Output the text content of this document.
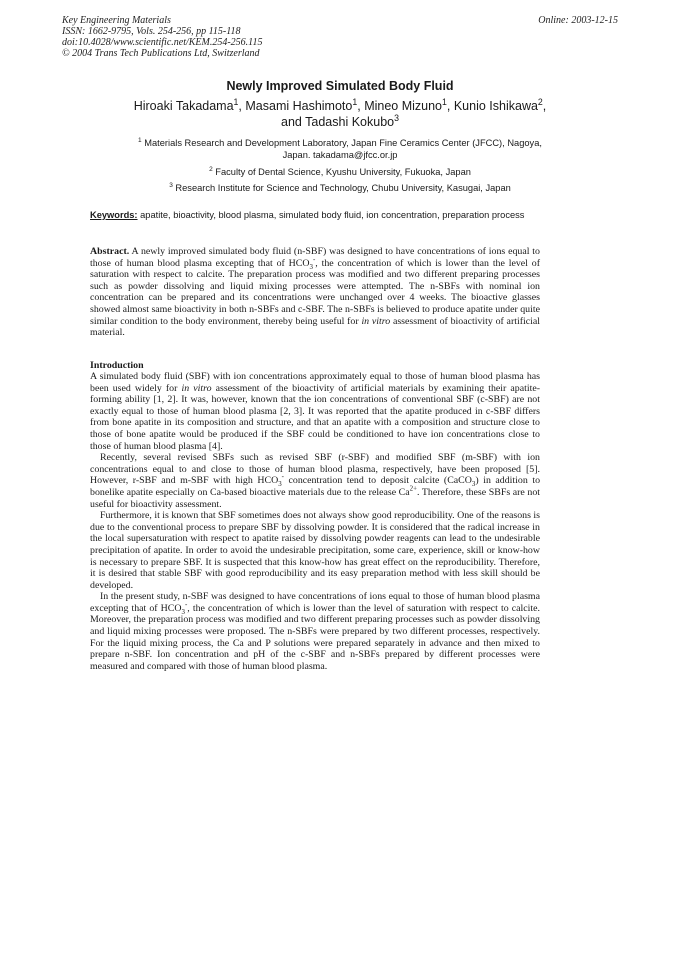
Key Engineering Materials
ISSN: 1662-9795, Vols. 254-256, pp 115-118
doi:10.4028/www.scientific.net/KEM.254-256.115
© 2004 Trans Tech Publications Ltd, Switzerland
Online: 2003-12-15
Newly Improved Simulated Body Fluid
Hiroaki Takadama$^1$, Masami Hashimoto$^1$, Mineo Mizuno$^1$, Kunio Ishikawa$^2$,
and Tadashi Kokubo$^3$
$^1$ Materials Research and Development Laboratory, Japan Fine Ceramics Center (JFCC), Nagoya,
Japan. takadama@jfcc.or.jp
$^2$ Faculty of Dental Science, Kyushu University, Fukuoka, Japan
$^3$ Research Institute for Science and Technology, Chubu University, Kasugai, Japan
Keywords: apatite, bioactivity, blood plasma, simulated body fluid, ion concentration, preparation process
Abstract. A newly improved simulated body fluid (n-SBF) was designed to have concentrations of ions equal to those of human blood plasma excepting that of $HCO_3^-$, the concentration of which is lower than the level of saturation with respect to calcite. The preparation process was modified and two different preparing processes such as powder dissolving and liquid mixing processes were attempted. The n-SBFs with nominal ion concentration can be prepared and its concentrations were unchanged over 4 weeks. The bioactive glasses showed almost same bioactivity in both n-SBFs and c-SBF. The n-SBFs is believed to produce apatite under quite similar condition to the body environment, thereby being useful for in vitro assessment of bioactivity of artificial material.
Introduction

A simulated body fluid (SBF) with ion concentrations approximately equal to those of human blood plasma has been used widely for in vitro assessment of the bioactivity of artificial materials by examining their apatite-forming ability [1, 2]. It was, however, known that the ion concentrations of conventional SBF (c-SBF) are not exactly equal to those of human blood plasma [2, 3]. It was reported that the apatite produced in c-SBF differs from bone apatite in its composition and structure, and that an apatite with a composition and structure close to those of bone apatite would be produced if the SBF could be conditioned to have ion concentrations close to those of human blood plasma [4].

Recently, several revised SBFs such as revised SBF (r-SBF) and modified SBF (m-SBF) with ion concentrations equal to and close to those of human blood plasma, respectively, have been proposed [5]. However, r-SBF and m-SBF with high $HCO_3^-$ concentration tend to deposit calcite (CaCO$_3$) in addition to bonelike apatite especially on Ca-based bioactive materials due to the release $Ca^{2+}$. Therefore, these SBFs are not useful for bioactivity assessment.

Furthermore, it is known that SBF sometimes does not always show good reproducibility. One of the reasons is due to the conventional process to prepare SBF by dissolving powder. It is considered that the radical increase in the local supersaturation with respect to apatite raised by dissolving powder reagents can lead to the undesirable precipitation of apatite. In order to avoid the undesirable precipitation, some care, experience, skill or know-how is necessary to prepare SBF. It is suspected that this know-how has great effect on the reproducibility. Therefore, it is desired that stable SBF with good reproducibility and its easy preparation method with less skill should be developed.

In the present study, n-SBF was designed to have concentrations of ions equal to those of human blood plasma excepting that of $HCO_3^-$, the concentration of which is lower than the level of saturation with respect to calcite. Moreover, the preparation process was modified and two different preparing processes such as powder dissolving and liquid mixing processes were proposed. The n-SBFs were prepared by two different processes, respectively. For the liquid mixing process, the Ca and P solutions were prepared separately in advance and then mixed to prepare n-SBF. Ion concentration and pH of the c-SBF and n-SBFs prepared by different processes were measured and compared with those of human blood plasma.
